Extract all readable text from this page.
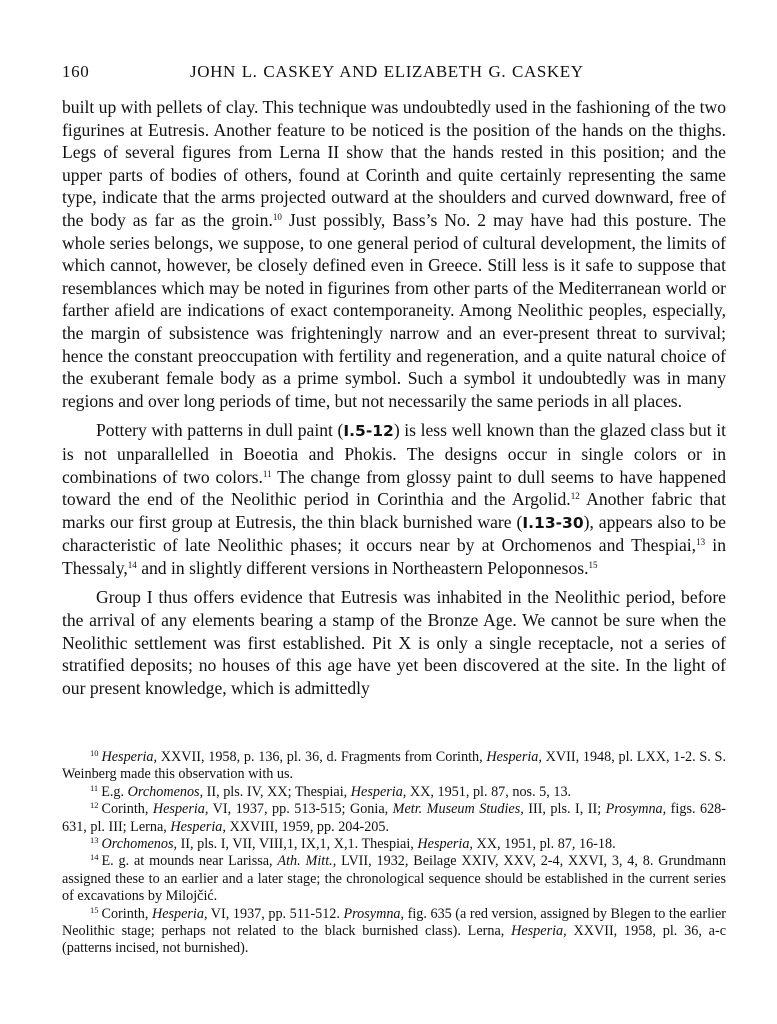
160	JOHN L. CASKEY AND ELIZABETH G. CASKEY

built up with pellets of clay. This technique was undoubtedly used in the fashioning of the two figurines at Eutresis. Another feature to be noticed is the position of the hands on the thighs. Legs of several figures from Lerna II show that the hands rested in this position; and the upper parts of bodies of others, found at Corinth and quite certainly representing the same type, indicate that the arms projected outward at the shoulders and curved downward, free of the body as far as the groin.$^{10}$ Just possibly, Bass’s No. 2 may have had this posture. The whole series belongs, we suppose, to one general period of cultural development, the limits of which cannot, however, be closely defined even in Greece. Still less is it safe to suppose that resemblances which may be noted in figurines from other parts of the Mediterranean world or farther afield are indications of exact contemporaneity. Among Neolithic peoples, especially, the margin of subsistence was frighteningly narrow and an ever-present threat to survival; hence the constant preoccupation with fertility and regeneration, and a quite natural choice of the exuberant female body as a prime symbol. Such a symbol it undoubtedly was in many regions and over long periods of time, but not necessarily the same periods in all places.

Pottery with patterns in dull paint (I.5-12) is less well known than the glazed class but it is not unparallelled in Boeotia and Phokis. The designs occur in single colors or in combinations of two colors.$^{11}$ The change from glossy paint to dull seems to have happened toward the end of the Neolithic period in Corinthia and the Argolid.$^{12}$ Another fabric that marks our first group at Eutresis, the thin black burnished ware (I.13-30), appears also to be characteristic of late Neolithic phases; it occurs near by at Orchomenos and Thespiai,$^{13}$ in Thessaly,$^{14}$ and in slightly different versions in Northeastern Peloponnesos.$^{15}$

Group I thus offers evidence that Eutresis was inhabited in the Neolithic period, before the arrival of any elements bearing a stamp of the Bronze Age. We cannot be sure when the Neolithic settlement was first established. Pit X is only a single receptacle, not a series of stratified deposits; no houses of this age have yet been discovered at the site. In the light of our present knowledge, which is admittedly

$^{10}$ Hesperia, XXVII, 1958, p. 136, pl. 36, d. Fragments from Corinth, Hesperia, XVII, 1948, pl. LXX, 1-2. S. S. Weinberg made this observation with us.

$^{11}$ E.g. Orchomenos, II, pls. IV, XX; Thespiai, Hesperia, XX, 1951, pl. 87, nos. 5, 13.

$^{12}$ Corinth, Hesperia, VI, 1937, pp. 513-515; Gonia, Metr. Museum Studies, III, pls. I, II; Prosymna, figs. 628-631, pl. III; Lerna, Hesperia, XXVIII, 1959, pp. 204-205.

$^{13}$ Orchomenos, II, pls. I, VII, VIII,1, IX,1, X,1. Thespiai, Hesperia, XX, 1951, pl. 87, 16-18.

$^{14}$ E. g. at mounds near Larissa, Ath. Mitt., LVII, 1932, Beilage XXIV, XXV, 2-4, XXVI, 3, 4, 8. Grundmann assigned these to an earlier and a later stage; the chronological sequence should be established in the current series of excavations by Milojčić.

$^{15}$ Corinth, Hesperia, VI, 1937, pp. 511-512. Prosymna, fig. 635 (a red version, assigned by Blegen to the earlier Neolithic stage; perhaps not related to the black burnished class). Lerna, Hesperia, XXVII, 1958, pl. 36, a-c (patterns incised, not burnished).
